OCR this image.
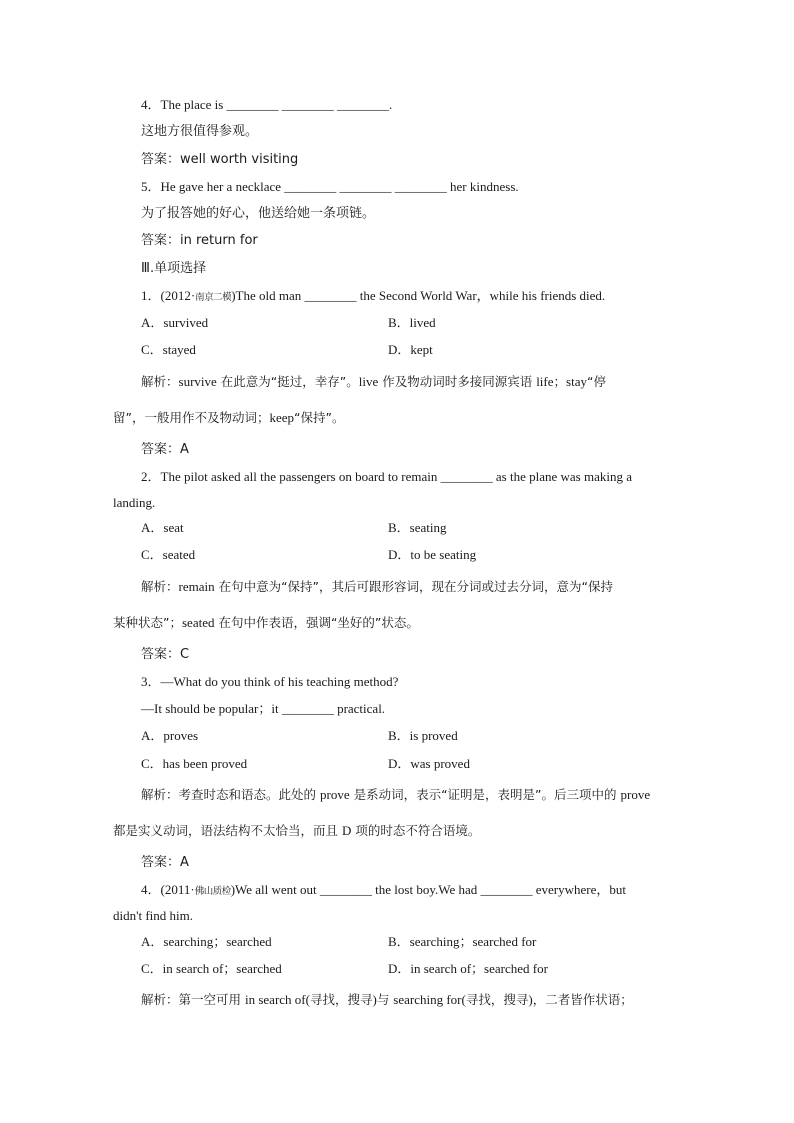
4．The place is ________ ________ ________.
这地方很值得参观。
答案：well worth visiting
5．He gave her a necklace ________ ________ ________ her kindness.
为了报答她的好心，他送给她一条项链。
答案：in return for
Ⅲ.单项选择
1．(2012·南京二模)The old man ________ the Second World War，while his friends died.
A．survived	B．lived
C．stayed	D．kept
解析：survive 在此意为“挺过，幸存”。live 作及物动词时多接同源宾语 life；stay“停
留”，一般用作不及物动词；keep“保持”。
答案：A
2．The pilot asked all the passengers on board to remain ________ as the plane was making a
landing.
A．seat	B．seating
C．seated	D．to be seating
解析：remain 在句中意为“保持”，其后可跟形容词，现在分词或过去分词，意为“保持
某种状态”；seated 在句中作表语，强调“坐好的”状态。
答案：C
3．—What do you think of his teaching method?
—It should be popular；it ________ practical.
A．proves	B．is proved
C．has been proved	D．was proved
解析：考查时态和语态。此处的 prove 是系动词，表示“证明是，表明是”。后三项中的 prove
都是实义动词，语法结构不太恰当，而且 D 项的时态不符合语境。
答案：A
4．(2011·佛山质检)We all went out ________ the lost boy.We had ________ everywhere，but
didn't find him.
A．searching；searched	B．searching；searched for
C．in search of；searched	D．in search of；searched for
解析：第一空可用 in search of(寻找，搜寻)与 searching for(寻找，搜寻)，二者皆作状语；
